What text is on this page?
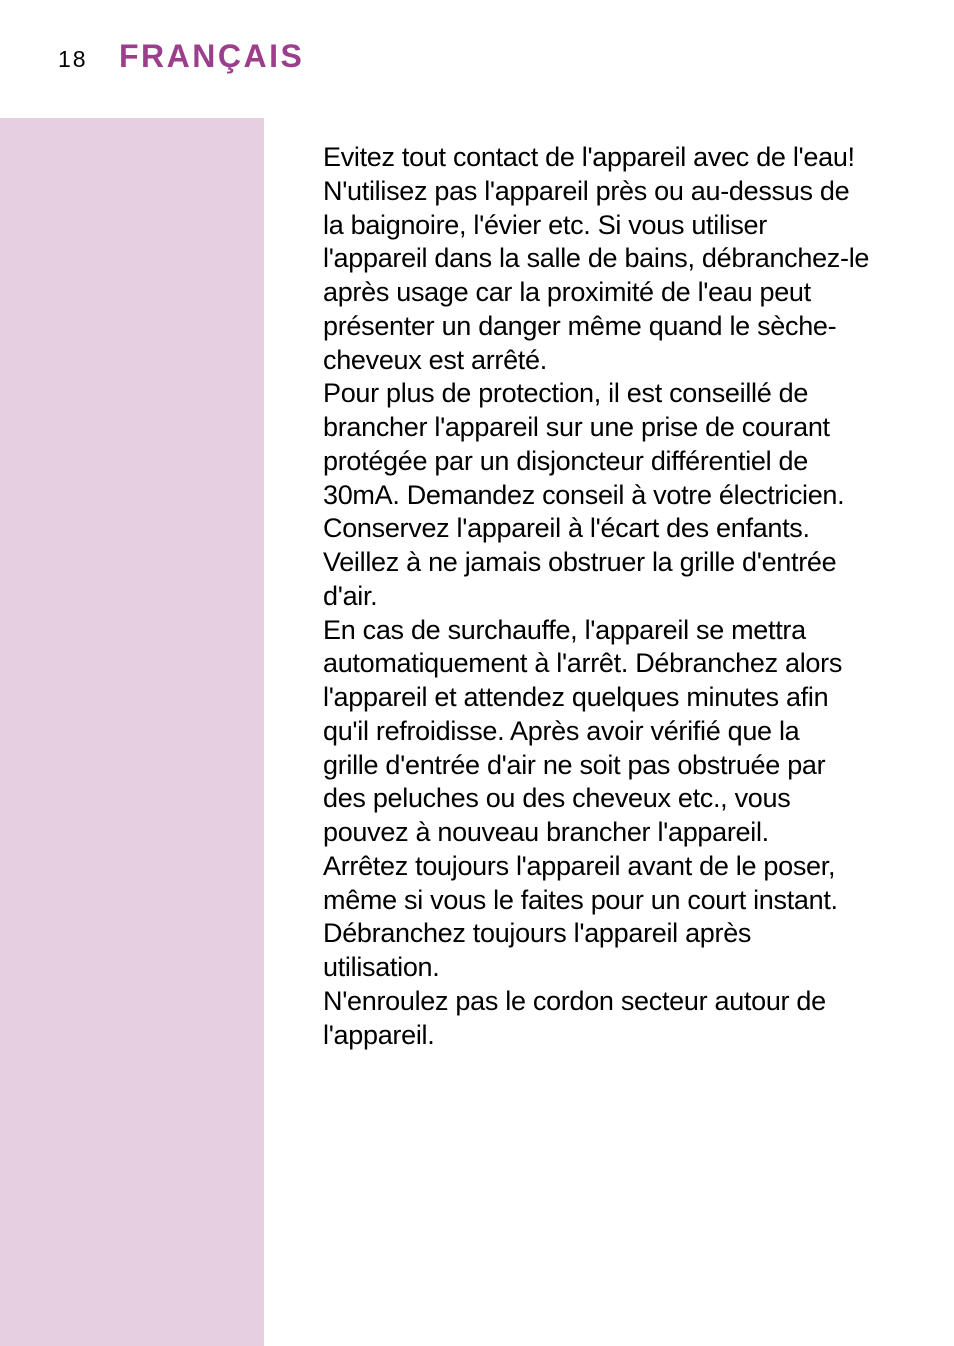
18 FRANÇAIS
Evitez tout contact de l'appareil avec de l'eau!
N'utilisez pas l'appareil près ou au-dessus de
la baignoire, l'évier etc. Si vous utiliser
l'appareil dans la salle de bains, débranchez-le
après usage car la proximité de l'eau peut
présenter un danger même quand le sèche-
cheveux est arrêté.
Pour plus de protection, il est conseillé de
brancher l'appareil sur une prise de courant
protégée par un disjoncteur différentiel de
30mA. Demandez conseil à votre électricien.
Conservez l'appareil à l'écart des enfants.
Veillez à ne jamais obstruer la grille d'entrée
d'air.
En cas de surchauffe, l'appareil se mettra
automatiquement à l'arrêt. Débranchez alors
l'appareil et attendez quelques minutes afin
qu'il refroidisse. Après avoir vérifié que la
grille d'entrée d'air ne soit pas obstruée par
des peluches ou des cheveux etc., vous
pouvez à nouveau brancher l'appareil.
Arrêtez toujours l'appareil avant de le poser,
même si vous le faites pour un court instant.
Débranchez toujours l'appareil après
utilisation.
N'enroulez pas le cordon secteur autour de
l'appareil.
